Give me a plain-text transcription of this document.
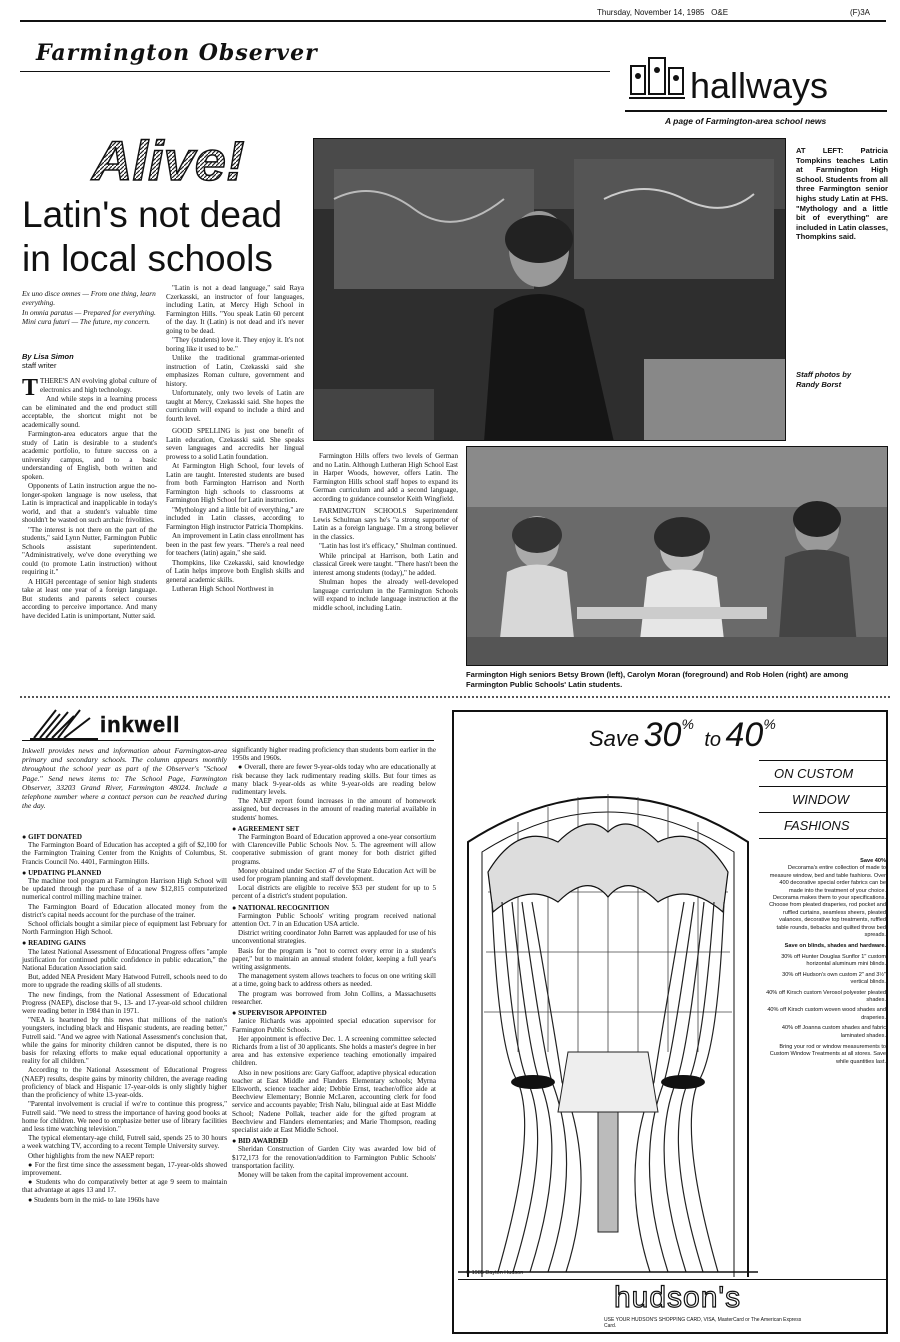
Thursday, November 14, 1985 O&E	(F)3A
Farmington Observer
hallways
A page of Farmington-area school news
Alive!
Latin's not dead in local schools

Ex uno disce omnes — From one thing, learn everything.

In omnia paratus — Prepared for everything.

Mini cura futuri — The future, my concern.

By Lisa Simon
staff writer

TTHERE'S AN evolving global culture of electronics and high technology.

And while steps in a learning process can be eliminated and the end product still acceptable, the shortcut might not be academically sound.

Farmington-area educators argue that the study of Latin is desirable to a student's academic portfolio, to future success on a university campus, and to a basic understanding of English, both written and spoken.

Opponents of Latin instruction argue the no-longer-spoken language is now useless, that Latin is impractical and inapplicable in today's world, and that a student's valuable time shouldn't be wasted on such archaic frivolities.

"The interest is not there on the part of the students," said Lynn Nutter, Farmington Public Schools assistant superintendent. "Administratively, we've done everything we could (to promote Latin instruction) without requiring it."

A HIGH percentage of senior high students take at least one year of a foreign language. But students and parents select courses according to perceive importance. And many have decided Latin is unimportant, Nutter said.

"Latin is not a dead language," said Raya Czerkasski, an instructor of four languages, including Latin, at Mercy High School in Farmington Hills. "You speak Latin 60 percent of the day. It (Latin) is not dead and it's never going to be dead.

"They (students) love it. They enjoy it. It's not boring like it used to be."

Unlike the traditional grammar-oriented instruction of Latin, Czekasski said she emphasizes Roman culture, government and history.

Unfortunately, only two levels of Latin are taught at Mercy, Czekasski said. She hopes the curriculum will expand to include a third and fourth level.

GOOD SPELLING is just one benefit of Latin education, Czekasski said. She speaks seven languages and accredits her lingual prowess to a solid Latin foundation.

At Farmington High School, four levels of Latin are taught. Interested students are bused from both Farmington Harrison and North Farmington high schools to classrooms at Farmington High School for Latin instruction.

"Mythology and a little bit of everything," are included in Latin classes, according to Farmington High instructor Patricia Thompkins.

An improvement in Latin class enrollment has been in the past few years. "There's a real need for teachers (latin) again," she said.

Thompkins, like Czekasski, said knowledge of Latin helps improve both English skills and general academic skills.

Lutheran High School Northwest in

AT LEFT: Patricia Tompkins teaches Latin at Farmington High School. Students from all three Farmington senior highs study Latin at FHS. "Mythology and a little bit of everything" are included in Latin classes, Thompkins said.
Staff photos by Randy Borst

Farmington Hills offers two levels of German and no Latin. Although Lutheran High School East in Harper Woods, however, offers Latin. The Farmington Hills school staff hopes to expand its German curriculum and add a second language, according to guidance counselor Keith Wingfield.

FARMINGTON SCHOOLS Superintendent Lewis Schulman says he's "a strong supporter of Latin as a foreign language. I'm a strong believer in the classics.

"Latin has lost it's efficacy," Shulman continued.

While principal at Harrison, both Latin and classical Greek were taught. "There hasn't been the interest among students (today)," he added.

Shulman hopes the already well-developed language curriculum in the Farmington Schools will expand to include language instruction at the middle school, including Latin.

Farmington High seniors Betsy Brown (left), Carolyn Moran (foreground) and Rob Holen (right) are among Farmington Public Schools' Latin students.
inkwell
Inkwell provides news and information about Farmington-area primary and secondary schools. The column appears monthly throughout the school year as part of the Observer's "School Page." Send news items to: The School Page, Farmington Observer, 33203 Grand River, Farmington 48024. Include a telephone number where a contact person can be reached during the day.
● GIFT DONATED

The Farmington Board of Education has accepted a gift of $2,100 for the Farmington Training Center from the Knights of Columbus, St. Francis Council No. 4401, Farmington Hills.

● UPDATING PLANNED

The machine tool program at Farmington Harrison High School will be updated through the purchase of a new $12,815 computerized numerical control milling machine trainer.

The Farmington Board of Education allocated money from the district's capital needs account for the purchase of the trainer.

School officials bought a similar piece of equipment last February for North Farmington High School.

● READING GAINS

The latest National Assessment of Educational Progress offers "ample justification for continued public confidence in public education," the National Education Association said.

But, added NEA President Mary Hatwood Futrell, schools need to do more to upgrade the reading skills of all students.

The new findings, from the National Assessment of Educational Progress (NAEP), disclose that 9-, 13- and 17-year-old school children were reading better in 1984 than in 1971.

"NEA is heartened by this news that millions of the nation's youngsters, including black and Hispanic students, are reading better," Futrell said. "And we agree with National Assessment's conclusion that, while the gains for minority children cannot be disputed, there is no basis for relaxing efforts to make equal educational opportunity a reality for all children."

According to the National Assessment of Educational Progress (NAEP) results, despite gains by minority children, the average reading proficiency of black and Hispanic 17-year-olds is only slightly higher than the proficiency of white 13-year-olds.

"Parental involvement is crucial if we're to continue this progress," Futrell said. "We need to stress the importance of having good books at home for children. We need to emphasize better use of library facilities and less time watching television."

The typical elementary-age child, Futrell said, spends 25 to 30 hours a week watching TV, according to a recent Temple University survey.

Other highlights from the new NAEP report:

● For the first time since the assessment began, 17-year-olds showed improvement.

● Students who do comparatively better at age 9 seem to maintain that advantage at ages 13 and 17.

● Students born in the mid- to late 1960s have

significantly higher reading proficiency than students born earlier in the 1950s and 1960s.

● Overall, there are fewer 9-year-olds today who are educationally at risk because they lack rudimentary reading skills. But four times as many black 9-year-olds as white 9-year-olds are reading below rudimentary levels.

The NAEP report found increases in the amount of homework assigned, but decreases in the amount of reading material available in students' homes.

● AGREEMENT SET

The Farmington Board of Education approved a one-year consortium with Clarenceville Public Schools Nov. 5. The agreement will allow cooperative submission of grant money for both district gifted programs.

Money obtained under Section 47 of the State Education Act will be used for program planning and staff development.

Local districts are eligible to receive $53 per student for up to 5 percent of a district's student population.

● NATIONAL RECOGNITION

Farmington Public Schools' writing program received national attention Oct. 7 in an Education USA article.

District writing coordinator John Barrett was applauded for use of his unconventional strategies.

Basis for the program is "not to correct every error in a student's paper," but to maintain an annual student folder, keeping a full year's writing assignments.

The management system allows teachers to focus on one writing skill at a time, going back to address others as needed.

The program was borrowed from John Collins, a Massachusetts researcher.

● SUPERVISOR APPOINTED

Janice Richards was appointed special education supervisor for Farmington Public Schools.

Her appointment is effective Dec. 1. A screening committee selected Richards from a list of 30 applicants. She holds a master's degree in her area and has extensive experience teaching emotionally impaired children.

Also in new positions are: Gary Gaffoor, adaptive physical education teacher at East Middle and Flanders Elementary schools; Myrna Ellsworth, science teacher aide; Debbie Ernst, teacher/office aide at Beechview Elementary; Bonnie McLaren, accounting clerk for food service and accounts payable; Trish Nalu, bilingual aide at East Middle School; Nadene Pollak, teacher aide for the gifted program at Beechview and Flanders elementaries; and Marie Thompson, reading specialist aide at East Middle School.

● BID AWARDED

Sheridan Construction of Garden City was awarded low bid of $172,173 for the renovation/addition to Farmington Public Schools' transportation facility.

Money will be taken from the capital improvement account.

Save 30% to 40%
ON CUSTOM
WINDOW
FASHIONS
© 1985 Dayton Hudson
Save 40%
Decorama's entire collection of made to measure window, bed and table fashions. Over 400 decorative special order fabrics can be made into the treatment of your choice. Decorama makes them to your specifications. Choose from pleated draperies, rod pocket and ruffled curtains, seamless sheers, pleated valances, decorative top treatments, ruffled table rounds, tiebacks and quilted throw bed spreads.
Save on blinds, shades and hardware.
30% off Hunter Douglas Sunflor 1" custom horizontal aluminum mini blinds.
30% off Hudson's own custom 2" and 3½" vertical blinds.
40% off Kirsch custom Verosol polyester pleated shades.
40% off Kirsch custom woven wood shades and draperies.
40% off Joanna custom shades and fabric laminated shades.
Bring your rod or window measurements to Custom Window Treatments at all stores. Save while quantities last.
hudson's
USE YOUR HUDSON'S SHOPPING CARD, VISA, MasterCard or The American Express Card.
